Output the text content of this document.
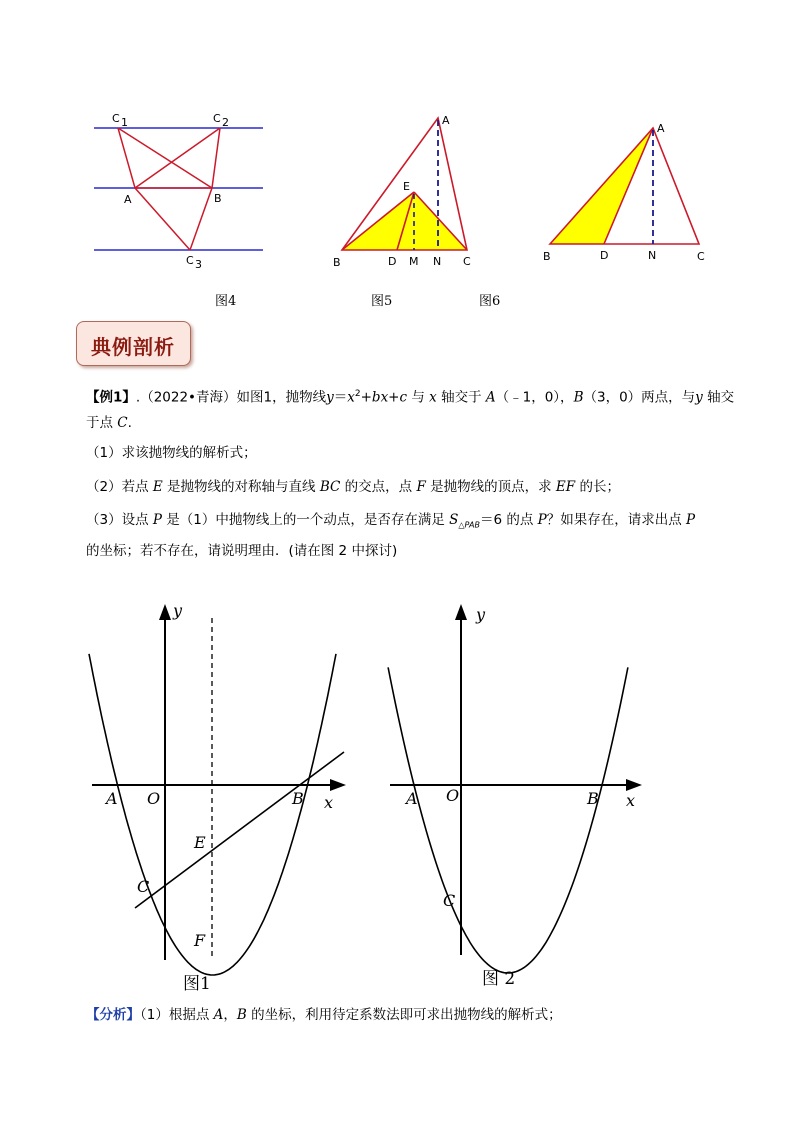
C 1	C 2
A	B
C 3
A
E
B	D M N C
A
B	D	N	C
图4	图5	图6
典例剖析
【例1】.（2022•青海）如图1，抛物线$y=x^2+bx+c$ 与 x 轴交于 A（﹣1，0），B（3，0）两点，与y 轴交
于点 C.
（1）求该抛物线的解析式；
（2）若点 E 是抛物线的对称轴与直线 BC 的交点，点 F 是抛物线的顶点，求 EF 的长；
（3）设点 P 是（1）中抛物线上的一个动点，是否存在满足 $S_{\triangle PAB}=6$ 的点 P？如果存在，请求出点 P
的坐标；若不存在，请说明理由．(请在图 2 中探讨)
y
x
A O	B
E
C
F
y
x
A O	B
C
图1	图 2
【分析】（1）根据点 A，B 的坐标，利用待定系数法即可求出抛物线的解析式；
